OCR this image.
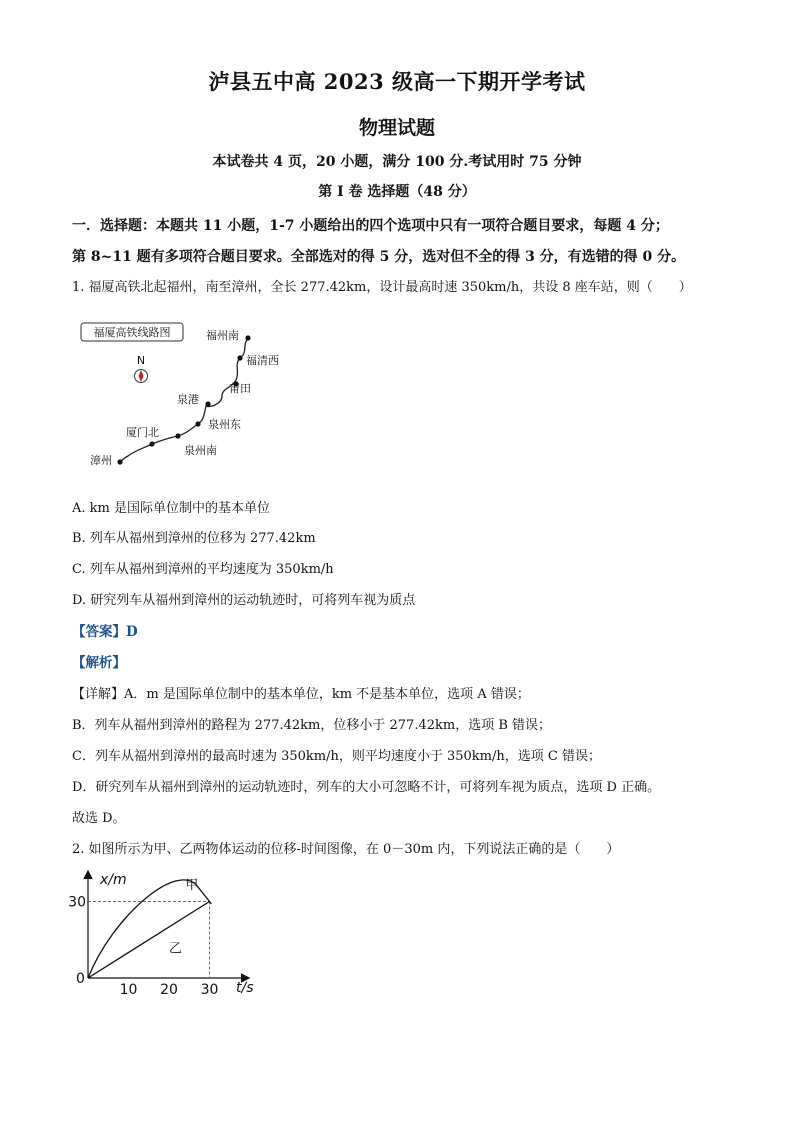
泸县五中高 2023 级高一下期开学考试
物理试题
本试卷共 4 页，20 小题，满分 100 分.考试用时 75 分钟
第 I 卷 选择题（48 分）
一．选择题：本题共 11 小题，1-7 小题给出的四个选项中只有一项符合题目要求，每题 4 分；
第 8~11 题有多项符合题目要求。全部选对的得 5 分，选对但不全的得 3 分，有选错的得 0 分。
1. 福厦高铁北起福州，南至漳州，全长 277.42km，设计最高时速 350km/h，共设 8 座车站，则（　　）
福厦高铁线路图
N
福州南
福清西
莆田
泉港
泉州东
泉州南
厦门北
漳州
A. km 是国际单位制中的基本单位
B. 列车从福州到漳州的位移为 277.42km
C. 列车从福州到漳州的平均速度为 350km/h
D. 研究列车从福州到漳州的运动轨迹时，可将列车视为质点
【答案】D
【解析】
【详解】A．m 是国际单位制中的基本单位，km 不是基本单位，选项 A 错误；
B．列车从福州到漳州的路程为 277.42km，位移小于 277.42km，选项 B 错误；
C．列车从福州到漳州的最高时速为 350km/h，则平均速度小于 350km/h，选项 C 错误；
D．研究列车从福州到漳州的运动轨迹时，列车的大小可忽略不计，可将列车视为质点，选项 D 正确。
故选 D。
2. 如图所示为甲、乙两物体运动的位移-时间图像，在 0－30m 内，下列说法正确的是（　　）
10 20 30
30
x/m
t/s
0
甲
乙
